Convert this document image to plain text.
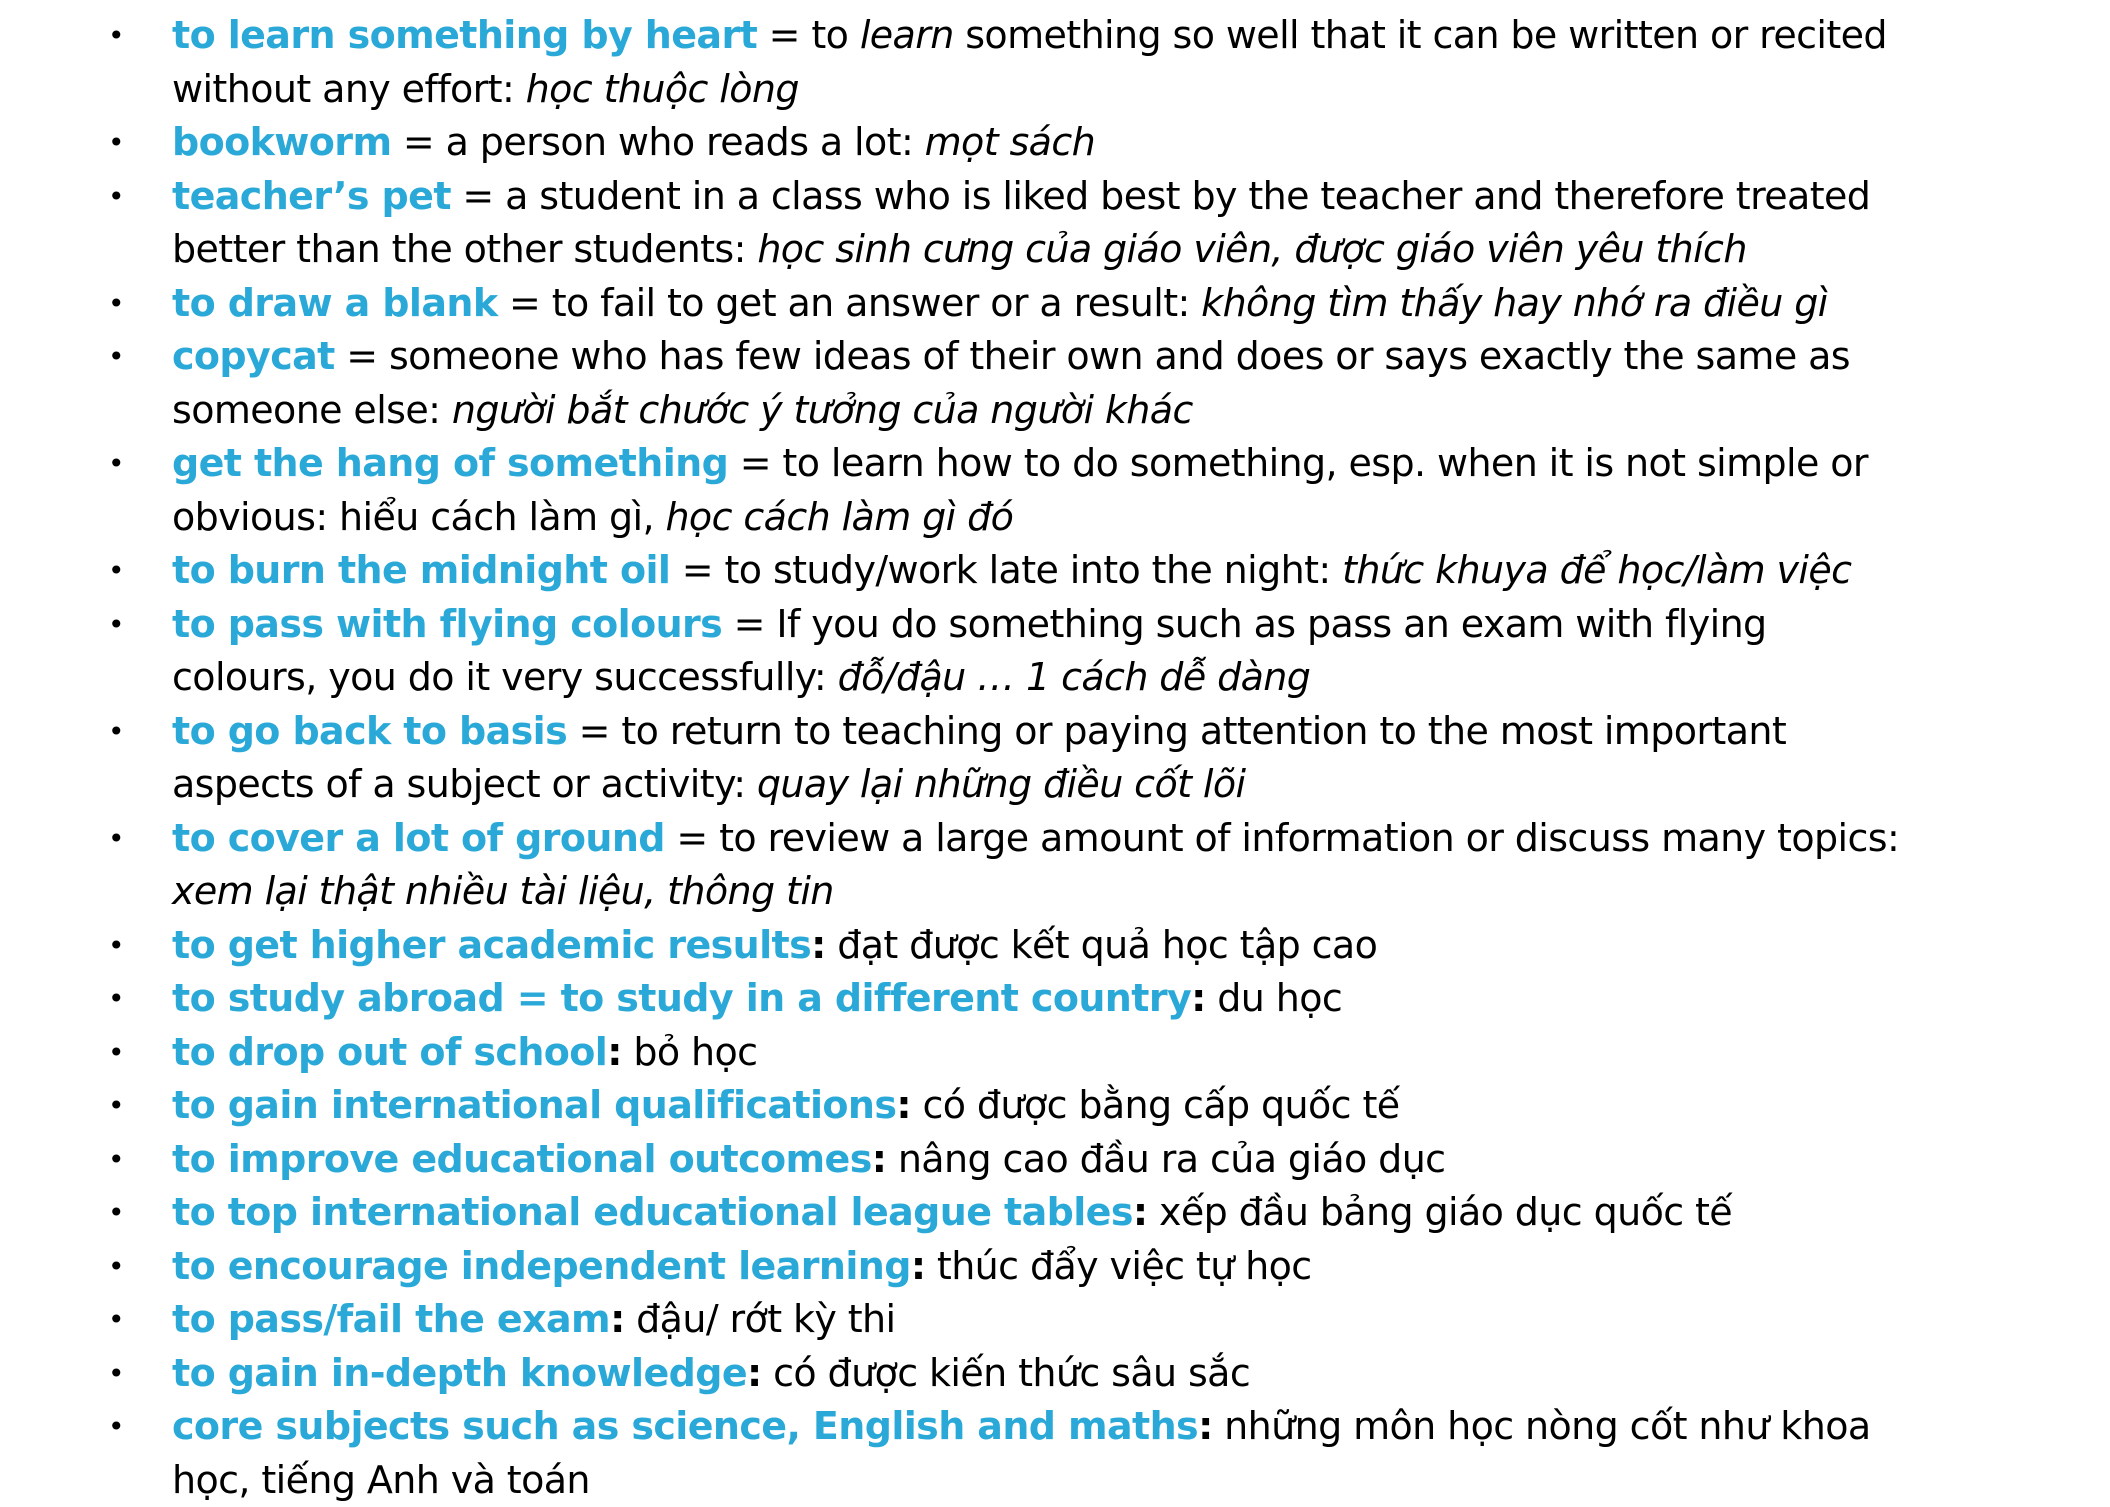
• to learn something by heart = to learn something so well that it can be written or recited without any effort: học thuộc lòng
• bookworm = a person who reads a lot: mọt sách
• teacher’s pet = a student in a class who is liked best by the teacher and therefore treated better than the other students: học sinh cưng của giáo viên, được giáo viên yêu thích
• to draw a blank = to fail to get an answer or a result: không tìm thấy hay nhớ ra điều gì
• copycat = someone who has few ideas of their own and does or says exactly the same as someone else: người bắt chước ý tưởng của người khác
• get the hang of something = to learn how to do something, esp. when it is not simple or obvious: hiểu cách làm gì, học cách làm gì đó
• to burn the midnight oil = to study/work late into the night: thức khuya để học/làm việc
• to pass with flying colours = If you do something such as pass an exam with flying colours, you do it very successfully: đỗ/đậu … 1 cách dễ dàng
• to go back to basis = to return to teaching or paying attention to the most important aspects of a subject or activity: quay lại những điều cốt lõi
• to cover a lot of ground = to review a large amount of information or discuss many topics: xem lại thật nhiều tài liệu, thông tin
• to get higher academic results: đạt được kết quả học tập cao
• to study abroad = to study in a different country: du học
• to drop out of school: bỏ học
• to gain international qualifications: có được bằng cấp quốc tế
• to improve educational outcomes: nâng cao đầu ra của giáo dục
• to top international educational league tables: xếp đầu bảng giáo dục quốc tế
• to encourage independent learning: thúc đẩy việc tự học
• to pass/fail the exam: đậu/ rớt kỳ thi
• to gain in-depth knowledge: có được kiến thức sâu sắc
• core subjects such as science, English and maths: những môn học nòng cốt như khoa học, tiếng Anh và toán
